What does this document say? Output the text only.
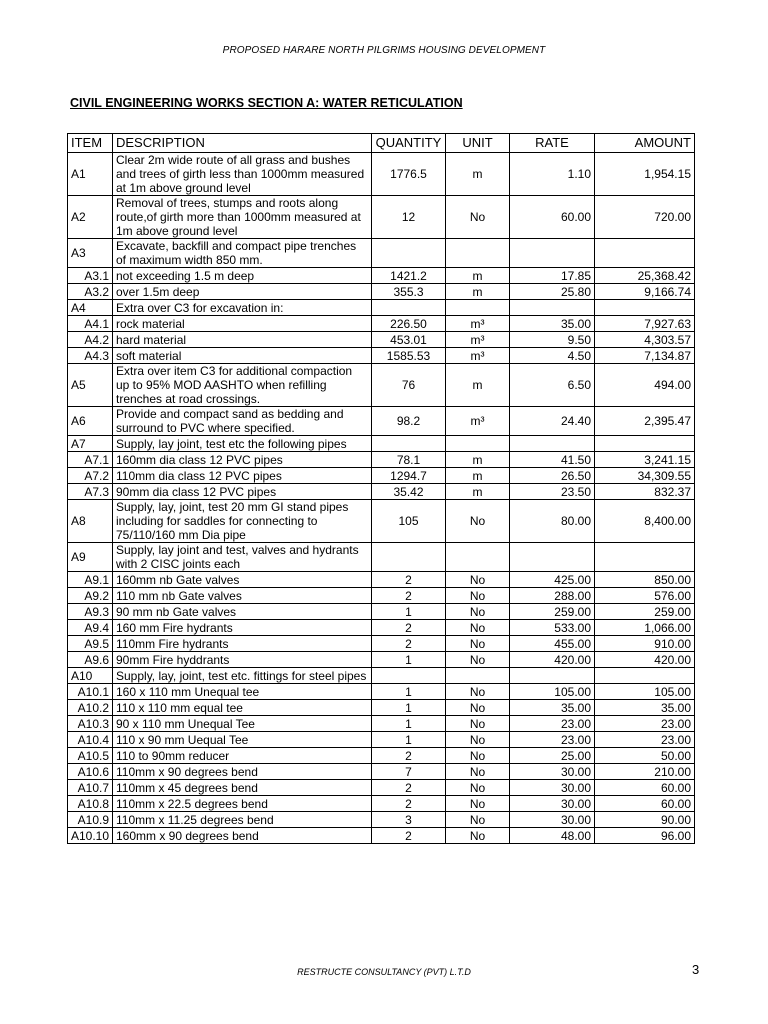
PROPOSED HARARE NORTH PILGRIMS HOUSING DEVELOPMENT
CIVIL ENGINEERING WORKS SECTION A: WATER RETICULATION
ITEM	DESCRIPTION	QUANTITY	UNIT	RATE	AMOUNT
A1	Clear 2m wide route of all grass and bushes and trees of girth less than 1000mm measured at 1m above ground level	1776.5	m	1.10	1,954.15
A2	Removal of trees, stumps and roots along route,of girth more than 1000mm measured at 1m above ground level	12	No	60.00	720.00
A3	Excavate, backfill and compact pipe trenches of maximum width 850 mm.				
A3.1	not exceeding 1.5 m deep	1421.2	m	17.85	25,368.42
A3.2	over 1.5m deep	355.3	m	25.80	9,166.74
A4	Extra over C3 for excavation in:				
A4.1	rock material	226.50	m³	35.00	7,927.63
A4.2	hard material	453.01	m³	9.50	4,303.57
A4.3	soft material	1585.53	m³	4.50	7,134.87
A5	Extra over item C3 for additional compaction up to 95% MOD AASHTO when refilling trenches at road crossings.	76	m	6.50	494.00
A6	Provide and compact sand as bedding and surround to PVC where specified.	98.2	m³	24.40	2,395.47
A7	Supply, lay joint, test etc the following pipes				
A7.1	160mm dia class 12 PVC pipes	78.1	m	41.50	3,241.15
A7.2	110mm dia class 12 PVC pipes	1294.7	m	26.50	34,309.55
A7.3	90mm dia class 12 PVC pipes	35.42	m	23.50	832.37
A8	Supply, lay, joint, test 20 mm GI stand pipes including for saddles for connecting to 75/110/160 mm Dia pipe	105	No	80.00	8,400.00
A9	Supply, lay joint and test, valves and hydrants with 2 CISC joints each				
A9.1	160mm nb Gate valves	2	No	425.00	850.00
A9.2	110 mm nb Gate valves	2	No	288.00	576.00
A9.3	90 mm nb Gate valves	1	No	259.00	259.00
A9.4	160 mm Fire hydrants	2	No	533.00	1,066.00
A9.5	110mm Fire hydrants	2	No	455.00	910.00
A9.6	90mm Fire hyddrants	1	No	420.00	420.00
A10	Supply, lay, joint, test etc. fittings for steel pipes				
A10.1	160 x 110 mm Unequal tee	1	No	105.00	105.00
A10.2	110 x 110 mm equal tee	1	No	35.00	35.00
A10.3	90 x 110 mm Unequal Tee	1	No	23.00	23.00
A10.4	110 x 90 mm Uequal Tee	1	No	23.00	23.00
A10.5	110 to 90mm reducer	2	No	25.00	50.00
A10.6	110mm x 90 degrees bend	7	No	30.00	210.00
A10.7	110mm x 45 degrees bend	2	No	30.00	60.00
A10.8	110mm x 22.5 degrees bend	2	No	30.00	60.00
A10.9	110mm x 11.25 degrees bend	3	No	30.00	90.00
A10.10	160mm x 90 degrees bend	2	No	48.00	96.00
RESTRUCTE CONSULTANCY (PVT) L.T.D	3
